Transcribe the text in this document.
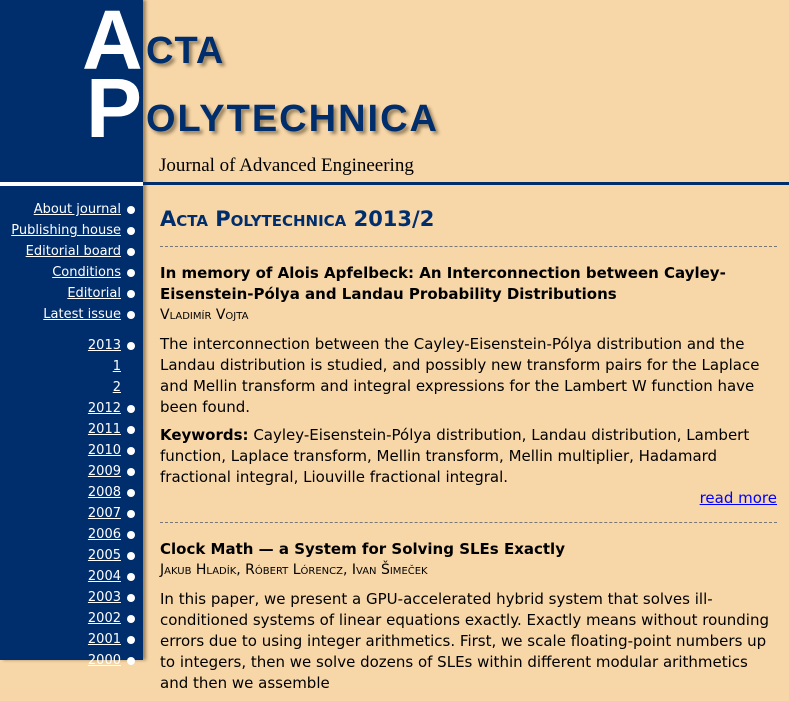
A CTA
P OLYTECHNICA
Journal of Advanced Engineering
About journal
Publishing house
Editorial board
Conditions
Editorial
Latest issue
2013
1
2
2012
2011
2010
2009
2008
2007
2006
2005
2004
2003
2002
2001
2000
Acta Polytechnica 2013/2
In memory of Alois Apfelbeck: An Interconnection between Cayley-Eisenstein-Pólya and Landau Probability Distributions
Vladimír Vojta

The interconnection between the Cayley-Eisenstein-Pólya distribution and the Landau distribution is studied, and possibly new transform pairs for the Laplace and Mellin transform and integral expressions for the Lambert W function have been found.

Keywords: Cayley-Eisenstein-Pólya distribution, Landau distribution, Lambert function, Laplace transform, Mellin transform, Mellin multiplier, Hadamard fractional integral, Liouville fractional integral.

read more
Clock Math — a System for Solving SLEs Exactly
Jakub Hladík, Róbert Lórencz, Ivan Šimeček

In this paper, we present a GPU-accelerated hybrid system that solves ill-conditioned systems of linear equations exactly. Exactly means without rounding errors due to using integer arithmetics. First, we scale floating-point numbers up to integers, then we solve dozens of SLEs within different modular arithmetics and then we assemble
